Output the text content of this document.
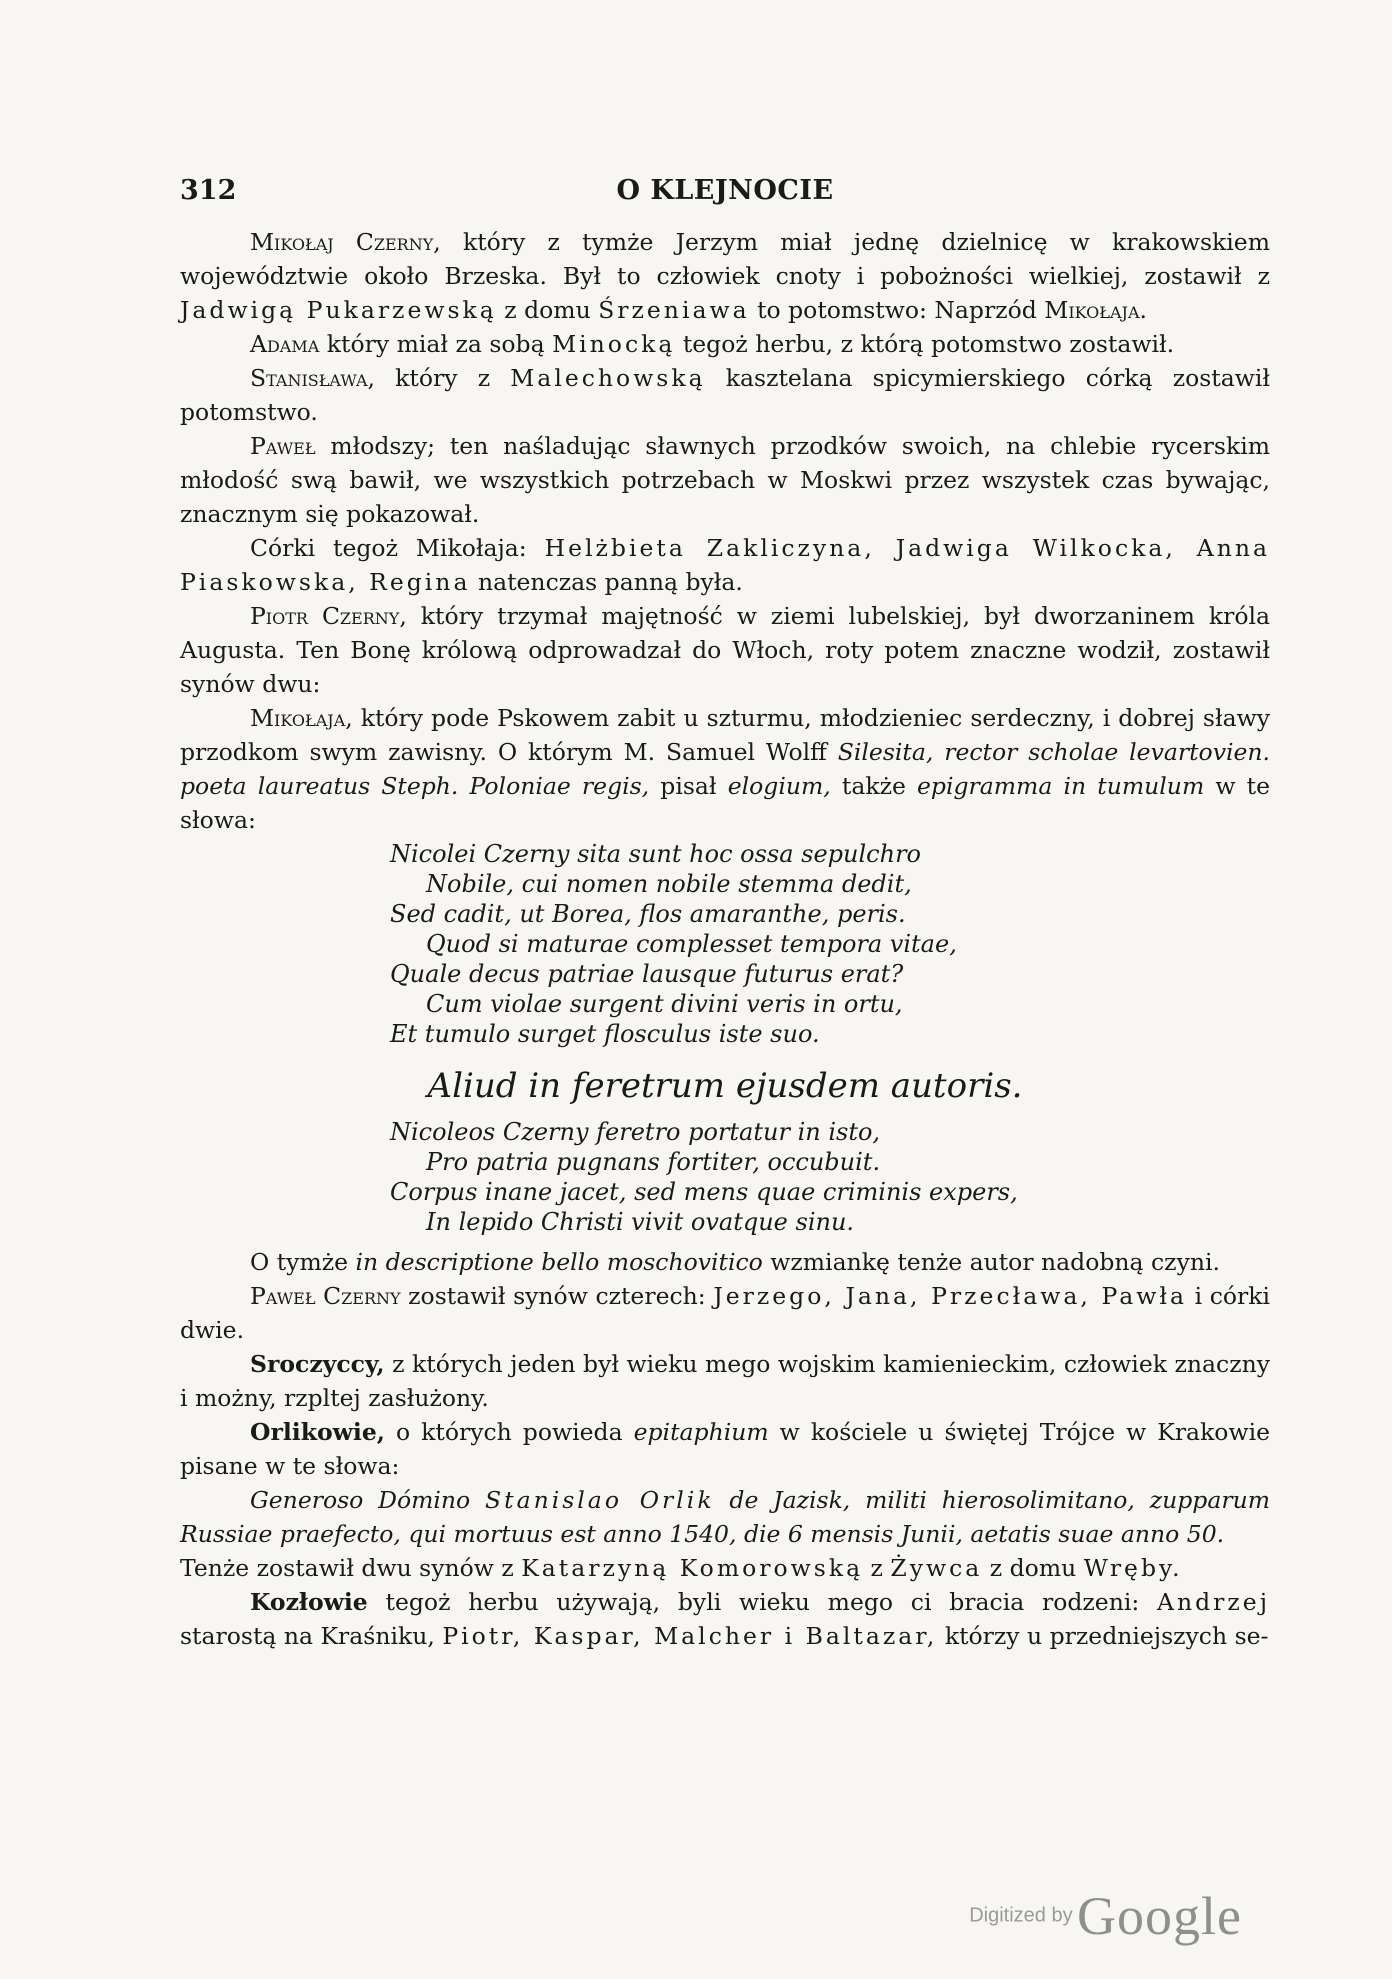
312	O KLEJNOCIE

Mikołaj Czerny, który z tymże Jerzym miał jednę dzielnicę w krakowskiem województwie około Brzeska. Był to człowiek cnoty i pobożności wielkiej, zostawił z Jadwigą Pukarzewską z domu Śrzeniawa to potomstwo: Naprzód Mikołaja.

Adama który miał za sobą Minocką tegoż herbu, z którą potomstwo zostawił.

Stanisława, który z Malechowską kasztelana spicymierskiego córką zostawił potomstwo.

Paweł młodszy; ten naśladując sławnych przodków swoich, na chlebie rycerskim młodość swą bawił, we wszystkich potrzebach w Moskwi przez wszystek czas bywając, znacznym się pokazował.

Córki tegoż Mikołaja: Helżbieta Zakliczyna, Jadwiga Wilkocka, Anna Piaskowska, Regina natenczas panną była.

Piotr Czerny, który trzymał majętność w ziemi lubelskiej, był dworzaninem króla Augusta. Ten Bonę królową odprowadzał do Włoch, roty potem znaczne wodził, zostawił synów dwu:

Mikołaja, który pode Pskowem zabit u szturmu, młodzieniec serdeczny, i dobrej sławy przodkom swym zawisny. O którym M. Samuel Wolff Silesita, rector scholae levartovien. poeta laureatus Steph. Poloniae regis, pisał elogium, także epigramma in tumulum w te słowa:

Nicolei Czerny sita sunt hoc ossa sepulchro
Nobile, cui nomen nobile stemma dedit,
Sed cadit, ut Borea, flos amaranthe, peris.
Quod si maturae complesset tempora vitae,
Quale decus patriae lausque futurus erat?
Cum violae surgent divini veris in ortu,
Et tumulo surget flosculus iste suo.
Aliud in feretrum ejusdem autoris.
Nicoleos Czerny feretro portatur in isto,
Pro patria pugnans fortiter, occubuit.
Corpus inane jacet, sed mens quae criminis expers,
In lepido Christi vivit ovatque sinu.

O tymże in descriptione bello moschovitico wzmiankę tenże autor nadobną czyni.

Paweł Czerny zostawił synów czterech: Jerzego, Jana, Przecława, Pawła i córki dwie.

Sroczyccy, z których jeden był wieku mego wojskim kamienieckim, człowiek znaczny i możny, rzpltej zasłużony.

Orlikowie, o których powieda epitaphium w kościele u świętej Trójce w Krakowie pisane w te słowa:

Generoso Dómino Stanislao Orlik de Jazisk, militi hierosolimitano, zupparum Russiae praefecto, qui mortuus est anno 1540, die 6 mensis Junii, aetatis suae anno 50.

Tenże zostawił dwu synów z Katarzyną Komorowską z Żywca z domu Wręby.

Kozłowie tegoż herbu używają, byli wieku mego ci bracia rodzeni: Andrzej starostą na Kraśniku, Piotr, Kaspar, Malcher i Baltazar, którzy u przedniejszych se-

Digitized by Google
